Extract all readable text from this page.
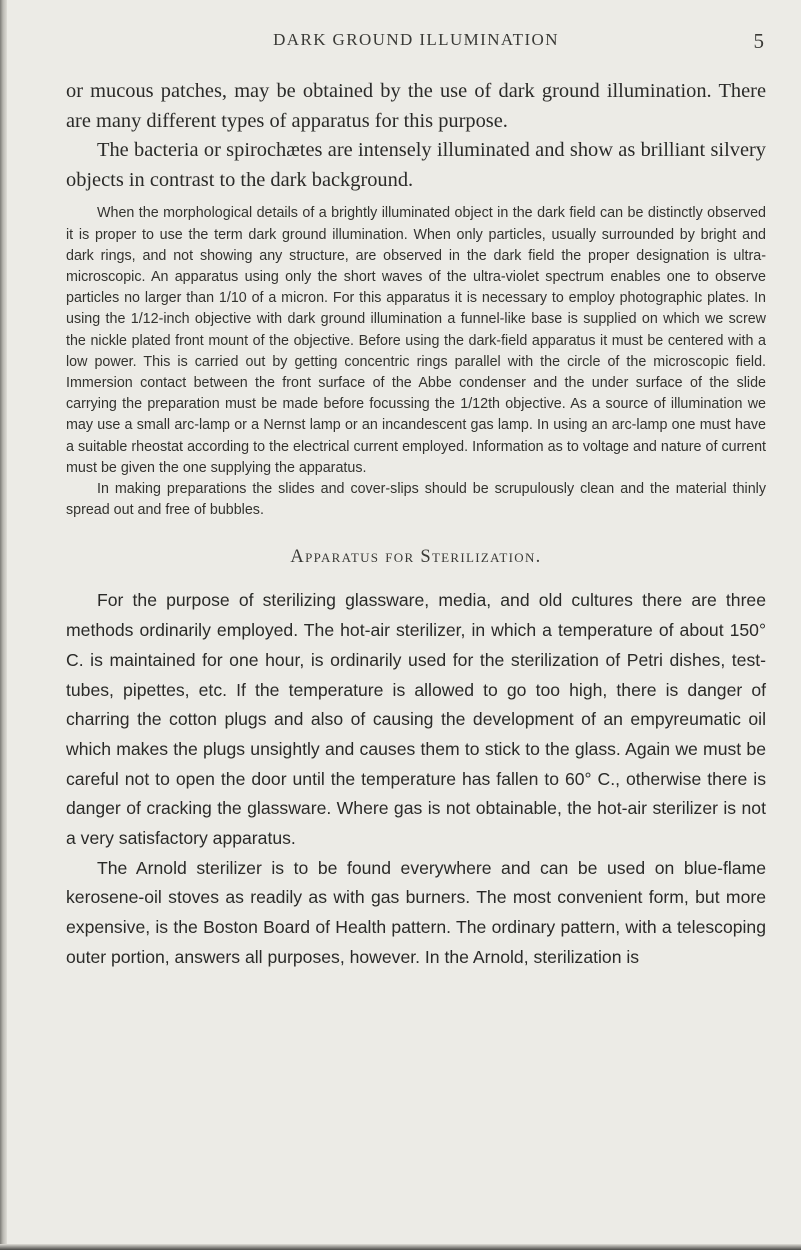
DARK GROUND ILLUMINATION	5

or mucous patches, may be obtained by the use of dark ground illumination. There are many different types of apparatus for this purpose.

The bacteria or spirochætes are intensely illuminated and show as brilliant silvery objects in contrast to the dark background.

When the morphological details of a brightly illuminated object in the dark field can be distinctly observed it is proper to use the term dark ground illumination. When only particles, usually surrounded by bright and dark rings, and not showing any structure, are observed in the dark field the proper designation is ultra-microscopic. An apparatus using only the short waves of the ultra-violet spectrum enables one to observe particles no larger than 1/10 of a micron. For this apparatus it is necessary to employ photographic plates. In using the 1/12-inch objective with dark ground illumination a funnel-like base is supplied on which we screw the nickle plated front mount of the objective. Before using the dark-field apparatus it must be centered with a low power. This is carried out by getting concentric rings parallel with the circle of the microscopic field. Immersion contact between the front surface of the Abbe condenser and the under surface of the slide carrying the preparation must be made before focussing the 1/12th objective. As a source of illumination we may use a small arc-lamp or a Nernst lamp or an incandescent gas lamp. In using an arc-lamp one must have a suitable rheostat according to the electrical current employed. Information as to voltage and nature of current must be given the one supplying the apparatus.

In making preparations the slides and cover-slips should be scrupulously clean and the material thinly spread out and free of bubbles.

Apparatus for Sterilization.

For the purpose of sterilizing glassware, media, and old cultures there are three methods ordinarily employed. The hot-air sterilizer, in which a temperature of about 150° C. is maintained for one hour, is ordinarily used for the sterilization of Petri dishes, test-tubes, pipettes, etc. If the temperature is allowed to go too high, there is danger of charring the cotton plugs and also of causing the development of an empyreumatic oil which makes the plugs unsightly and causes them to stick to the glass. Again we must be careful not to open the door until the temperature has fallen to 60° C., otherwise there is danger of cracking the glassware. Where gas is not obtainable, the hot-air sterilizer is not a very satisfactory apparatus.

The Arnold sterilizer is to be found everywhere and can be used on blue-flame kerosene-oil stoves as readily as with gas burners. The most convenient form, but more expensive, is the Boston Board of Health pattern. The ordinary pattern, with a telescoping outer portion, answers all purposes, however. In the Arnold, sterilization is
